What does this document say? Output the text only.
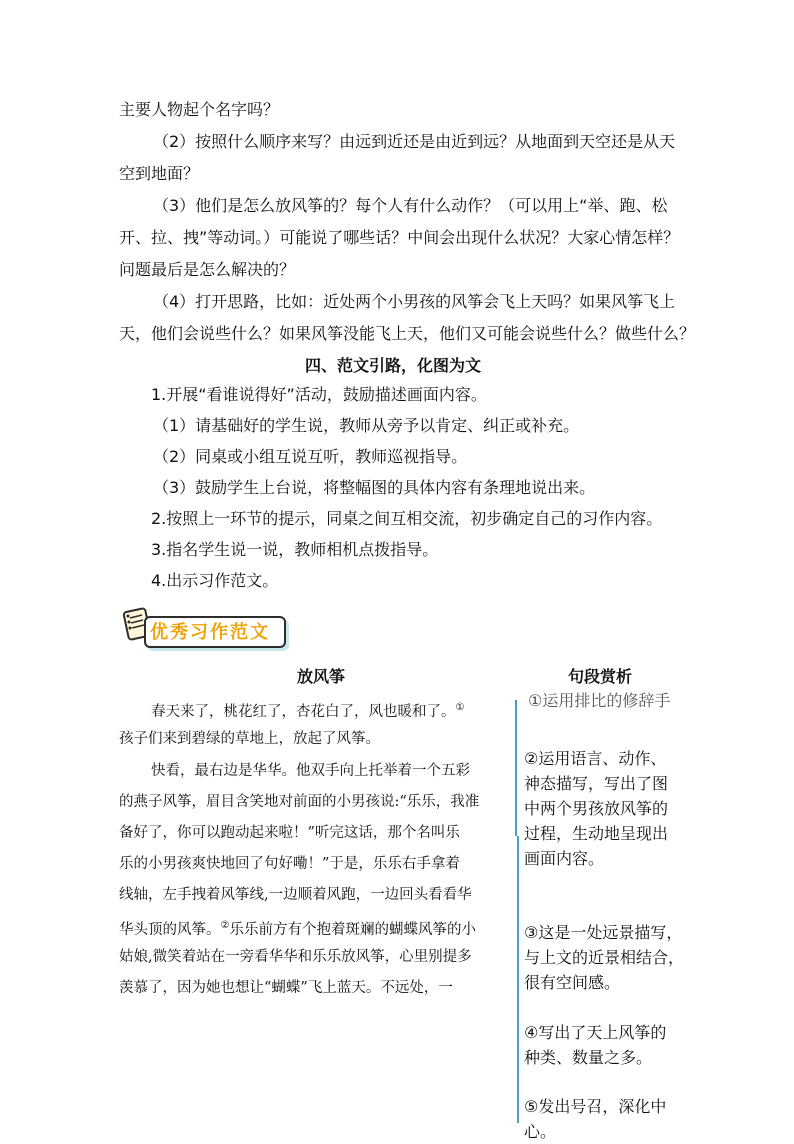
主要人物起个名字吗？
（2）按照什么顺序来写？由远到近还是由近到远？从地面到天空还是从天
空到地面？
（3）他们是怎么放风筝的？每个人有什么动作？（可以用上“举、跑、松
开、拉、拽”等动词。）可能说了哪些话？中间会出现什么状况？大家心情怎样？
问题最后是怎么解决的？
（4）打开思路，比如：近处两个小男孩的风筝会飞上天吗？如果风筝飞上
天，他们会说些什么？如果风筝没能飞上天，他们又可能会说些什么？做些什么？
四、范文引路，化图为文
1.开展“看谁说得好”活动，鼓励描述画面内容。
（1）请基础好的学生说，教师从旁予以肯定、纠正或补充。
（2）同桌或小组互说互听，教师巡视指导。
（3）鼓励学生上台说，将整幅图的具体内容有条理地说出来。
2.按照上一环节的提示，同桌之间互相交流，初步确定自己的习作内容。
3.指名学生说一说，教师相机点拨指导。
4.出示习作范文。
优秀习作范文
放风筝	句段赏析
春天来了，桃花红了，杏花白了，风也暖和了。①
孩子们来到碧绿的草地上，放起了风筝。
快看，最右边是华华。他双手向上托举着一个五彩
的燕子风筝，眉目含笑地对前面的小男孩说:“乐乐，我准
备好了，你可以跑动起来啦！”听完这话，那个名叫乐
乐的小男孩爽快地回了句好嘞！”于是，乐乐右手拿着
线轴，左手拽着风筝线,一边顺着风跑，一边回头看看华
华头顶的风筝。②乐乐前方有个抱着斑斓的蝴蝶风筝的小
姑娘,微笑着站在一旁看华华和乐乐放风筝，心里别提多
羡慕了，因为她也想让“蝴蝶”飞上蓝天。不远处，一
①运用排比的修辞手
②运用语言、动作、
神态描写，写出了图
中两个男孩放风筝的
过程，生动地呈现出
画面内容。
③这是一处远景描写，
与上文的近景相结合，
很有空间感。
④写出了天上风筝的
种类、数量之多。
⑤发出号召，深化中心。
